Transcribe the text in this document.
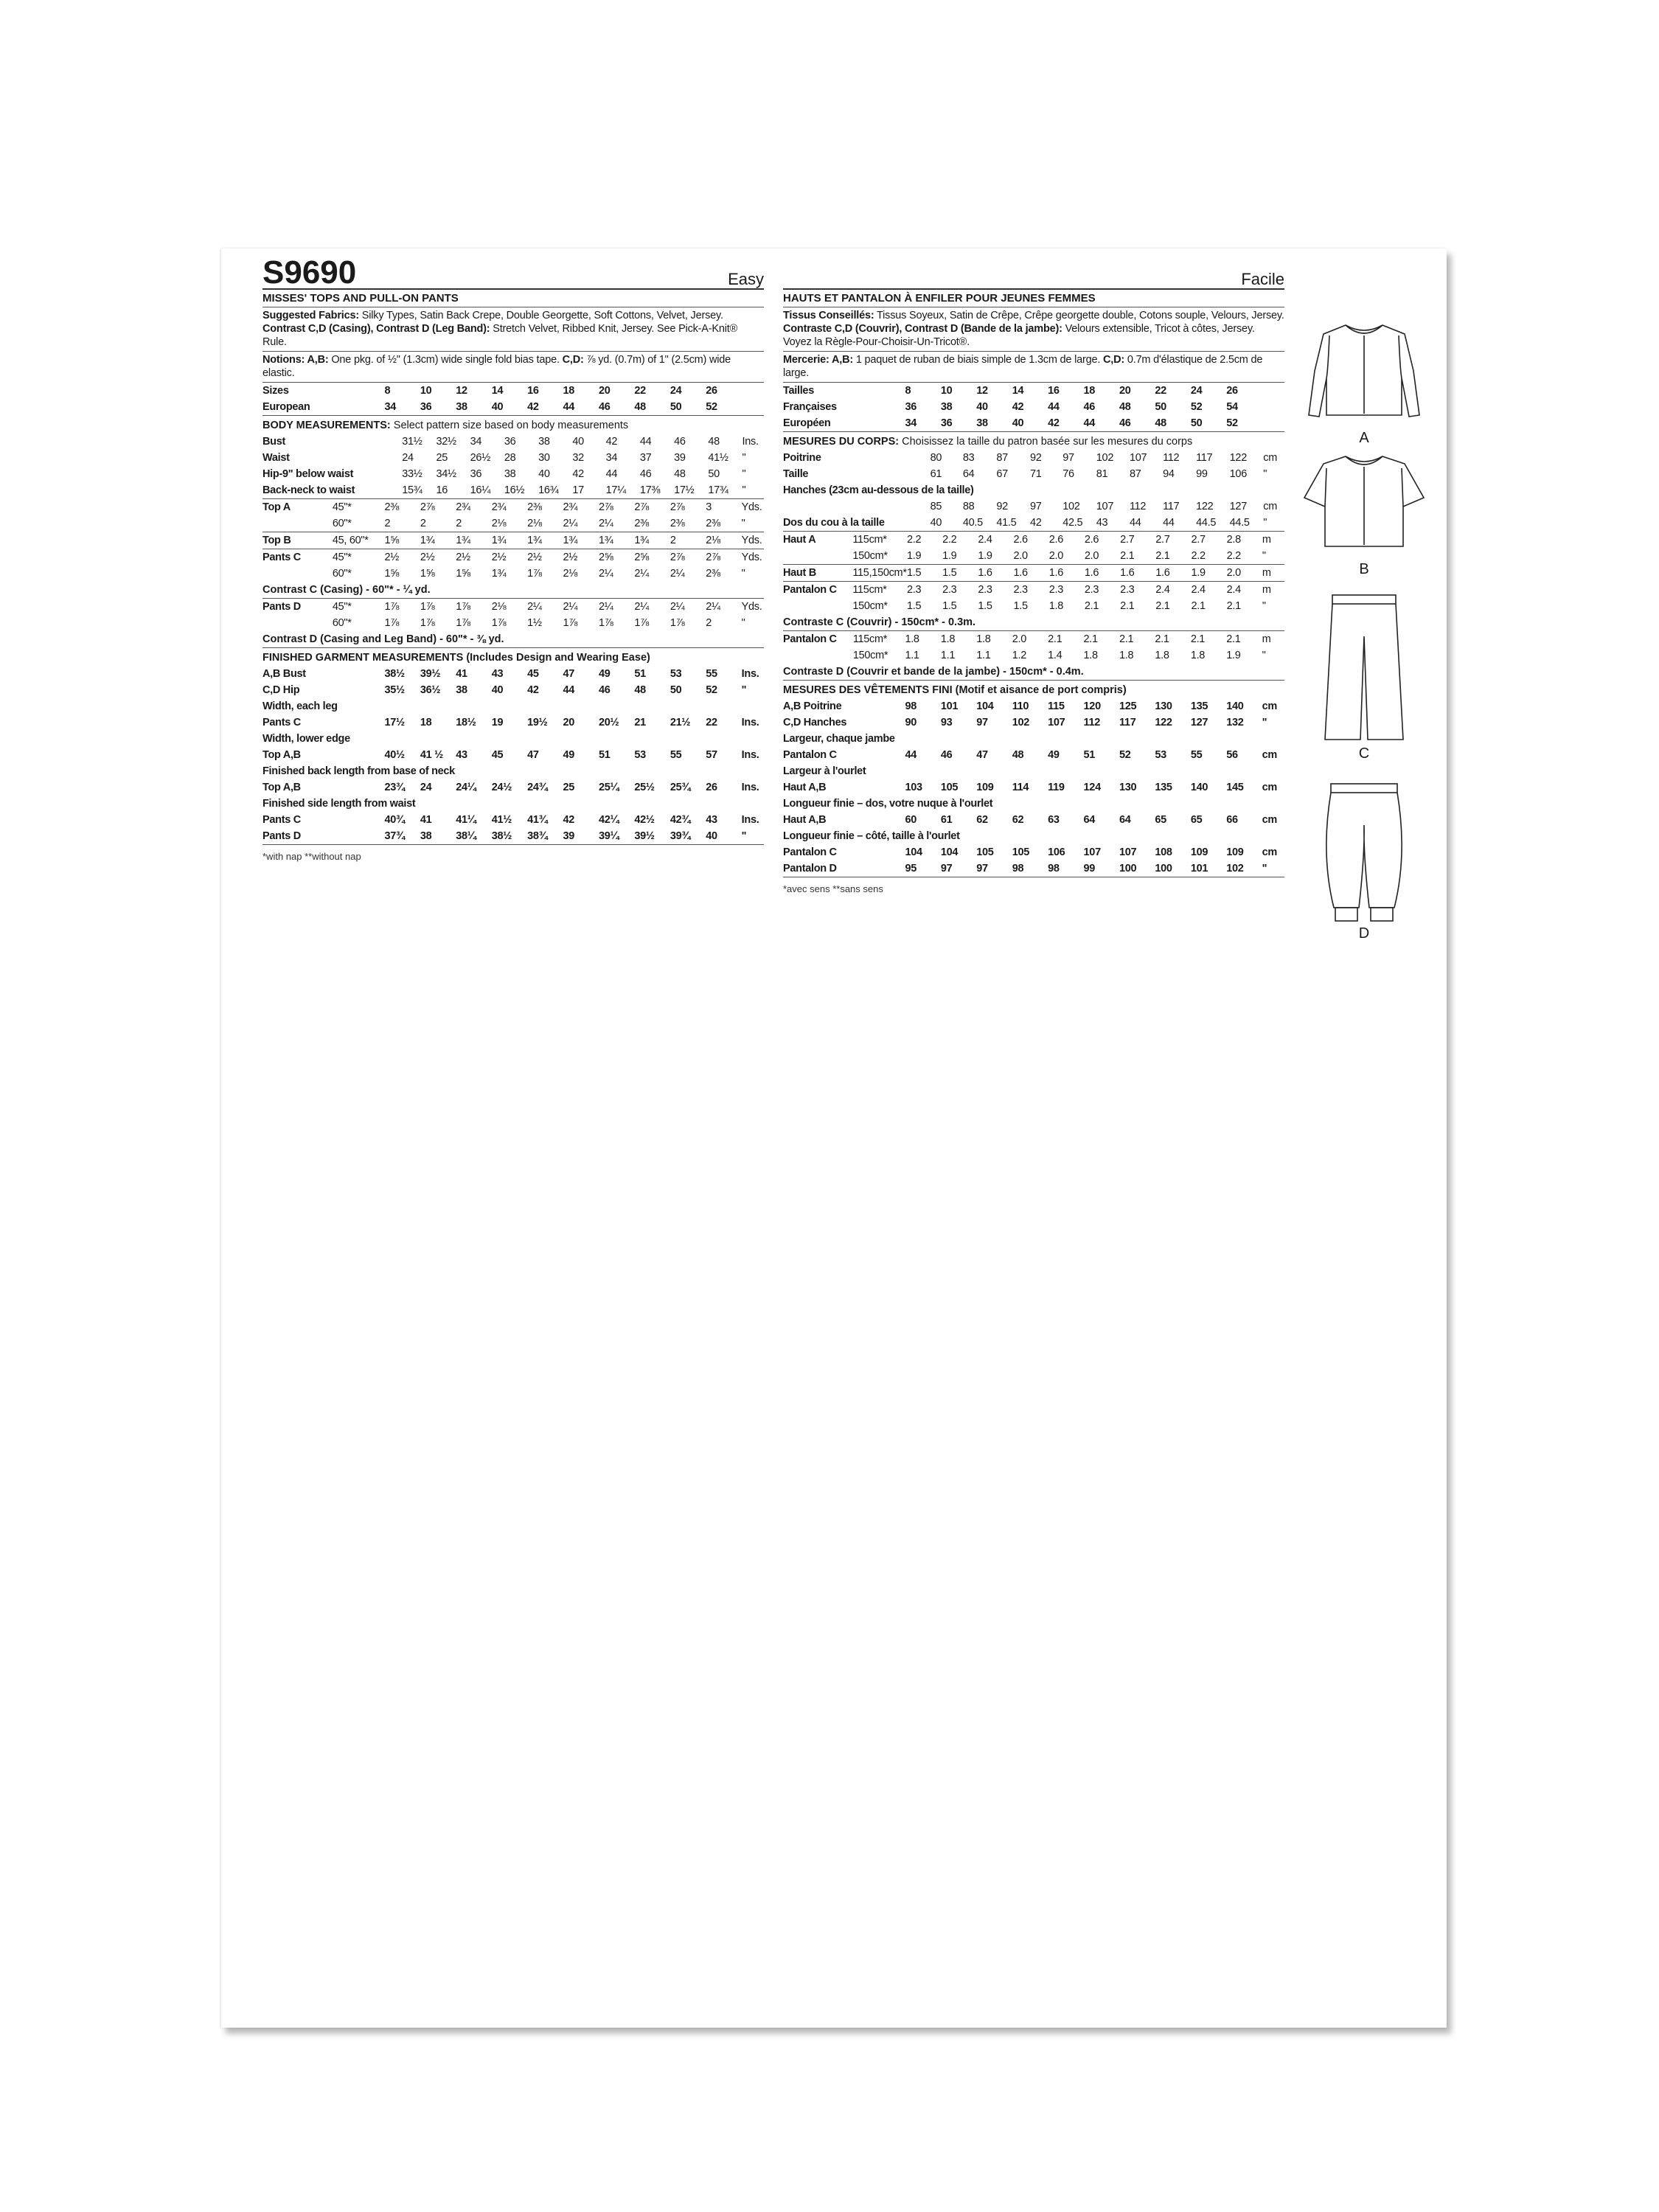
S9690	Easy
MISSES' TOPS AND PULL-ON PANTS
Suggested Fabrics: Silky Types, Satin Back Crepe, Double Georgette, Soft Cottons, Velvet, Jersey. Contrast C,D (Casing), Contrast D (Leg Band): Stretch Velvet, Ribbed Knit, Jersey. See Pick-A-Knit® Rule.
Notions: A,B: One pkg. of ½" (1.3cm) wide single fold bias tape. C,D: ⅞ yd. (0.7m) of 1" (2.5cm) wide elastic.
Sizes		8	10	12	14	16	18	20	22	24	26	
European		34	36	38	40	42	44	46	48	50	52	
BODY MEASUREMENTS: Select pattern size based on body measurements
Bust		31½	32½	34	36	38	40	42	44	46	48	Ins.
Waist		24	25	26½	28	30	32	34	37	39	41½	"
Hip-9" below waist		33½	34½	36	38	40	42	44	46	48	50	"
Back-neck to waist		15¾	16	16¼	16½	16¾	17	17¼	17⅜	17½	17¾	"
Top A	45"*	2⅜	2⅞	2¾	2¾	2⅜	2¾	2⅞	2⅞	2⅞	3	Yds.
	60"*	2	2	2	2⅛	2⅛	2¼	2¼	2⅜	2⅜	2⅜	"
Top B	45, 60"*	1⅝	1¾	1¾	1¾	1¾	1¾	1¾	1¾	2	2⅛	Yds.
Pants C	45"*	2½	2½	2½	2½	2½	2½	2⅝	2⅝	2⅞	2⅞	Yds.
	60"*	1⅝	1⅝	1⅝	1¾	1⅞	2⅛	2¼	2¼	2¼	2⅜	"
Contrast C (Casing) - 60"* - ¼ yd.
Pants D	45"*	1⅞	1⅞	1⅞	2⅛	2¼	2¼	2¼	2¼	2¼	2¼	Yds.
	60"*	1⅞	1⅞	1⅞	1⅞	1½	1⅞	1⅞	1⅞	1⅞	2	"
Contrast D (Casing and Leg Band) - 60"* - ⅜ yd.
FINISHED GARMENT MEASUREMENTS (Includes Design and Wearing Ease)
A,B Bust		38½	39½	41	43	45	47	49	51	53	55	Ins.
C,D Hip		35½	36½	38	40	42	44	46	48	50	52	"
Width, each leg												
Pants C		17½	18	18½	19	19½	20	20½	21	21½	22	Ins.
Width, lower edge												
Top A,B		40½	41 ½	43	45	47	49	51	53	55	57	Ins.
Finished back length from base of neck												
Top A,B		23¾	24	24¼	24½	24¾	25	25¼	25½	25¾	26	Ins.
Finished side length from waist												
Pants C		40¾	41	41¼	41½	41¾	42	42¼	42½	42¾	43	Ins.
Pants D		37¾	38	38¼	38½	38¾	39	39¼	39½	39¾	40	"
*with nap **without nap
Facile
HAUTS ET PANTALON À ENFILER POUR JEUNES FEMMES
Tissus Conseillés: Tissus Soyeux, Satin de Crêpe, Crêpe georgette double, Cotons souple, Velours, Jersey. Contraste C,D (Couvrir), Contrast D (Bande de la jambe): Velours extensible, Tricot à côtes, Jersey. Voyez la Règle-Pour-Choisir-Un-Tricot®.
Mercerie: A,B: 1 paquet de ruban de biais simple de 1.3cm de large. C,D: 0.7m d'élastique de 2.5cm de large.
Tailles		8	10	12	14	16	18	20	22	24	26	
Françaises		36	38	40	42	44	46	48	50	52	54	
Européen		34	36	38	40	42	44	46	48	50	52	
MESURES DU CORPS: Choisissez la taille du patron basée sur les mesures du corps
Poitrine		80	83	87	92	97	102	107	112	117	122	cm
Taille		61	64	67	71	76	81	87	94	99	106	"
Hanches (23cm au-dessous de la taille)												
		85	88	92	97	102	107	112	117	122	127	cm
Dos du cou à la taille		40	40.5	41.5	42	42.5	43	44	44	44.5	44.5	"
Haut A	115cm*	2.2	2.2	2.4	2.6	2.6	2.6	2.7	2.7	2.7	2.8	m
	150cm*	1.9	1.9	1.9	2.0	2.0	2.0	2.1	2.1	2.2	2.2	"
Haut B	115,150cm*	1.5	1.5	1.6	1.6	1.6	1.6	1.6	1.6	1.9	2.0	m
Pantalon C	115cm*	2.3	2.3	2.3	2.3	2.3	2.3	2.3	2.4	2.4	2.4	m
	150cm*	1.5	1.5	1.5	1.5	1.8	2.1	2.1	2.1	2.1	2.1	"
Contraste C (Couvrir) - 150cm* - 0.3m.
Pantalon C	115cm*	1.8	1.8	1.8	2.0	2.1	2.1	2.1	2.1	2.1	2.1	m
	150cm*	1.1	1.1	1.1	1.2	1.4	1.8	1.8	1.8	1.8	1.9	"
Contraste D (Couvrir et bande de la jambe) - 150cm* - 0.4m.
MESURES DES VÊTEMENTS FINI (Motif et aisance de port compris)
A,B Poitrine		98	101	104	110	115	120	125	130	135	140	cm
C,D Hanches		90	93	97	102	107	112	117	122	127	132	"
Largeur, chaque jambe												
Pantalon C		44	46	47	48	49	51	52	53	55	56	cm
Largeur à l'ourlet												
Haut A,B		103	105	109	114	119	124	130	135	140	145	cm
Longueur finie – dos, votre nuque à l'ourlet												
Haut A,B		60	61	62	62	63	64	64	65	65	66	cm
Longueur finie – côté, taille à l'ourlet												
Pantalon C		104	104	105	105	106	107	107	108	109	109	cm
Pantalon D		95	97	97	98	98	99	100	100	101	102	"
*avec sens **sans sens
A
B
C
D
